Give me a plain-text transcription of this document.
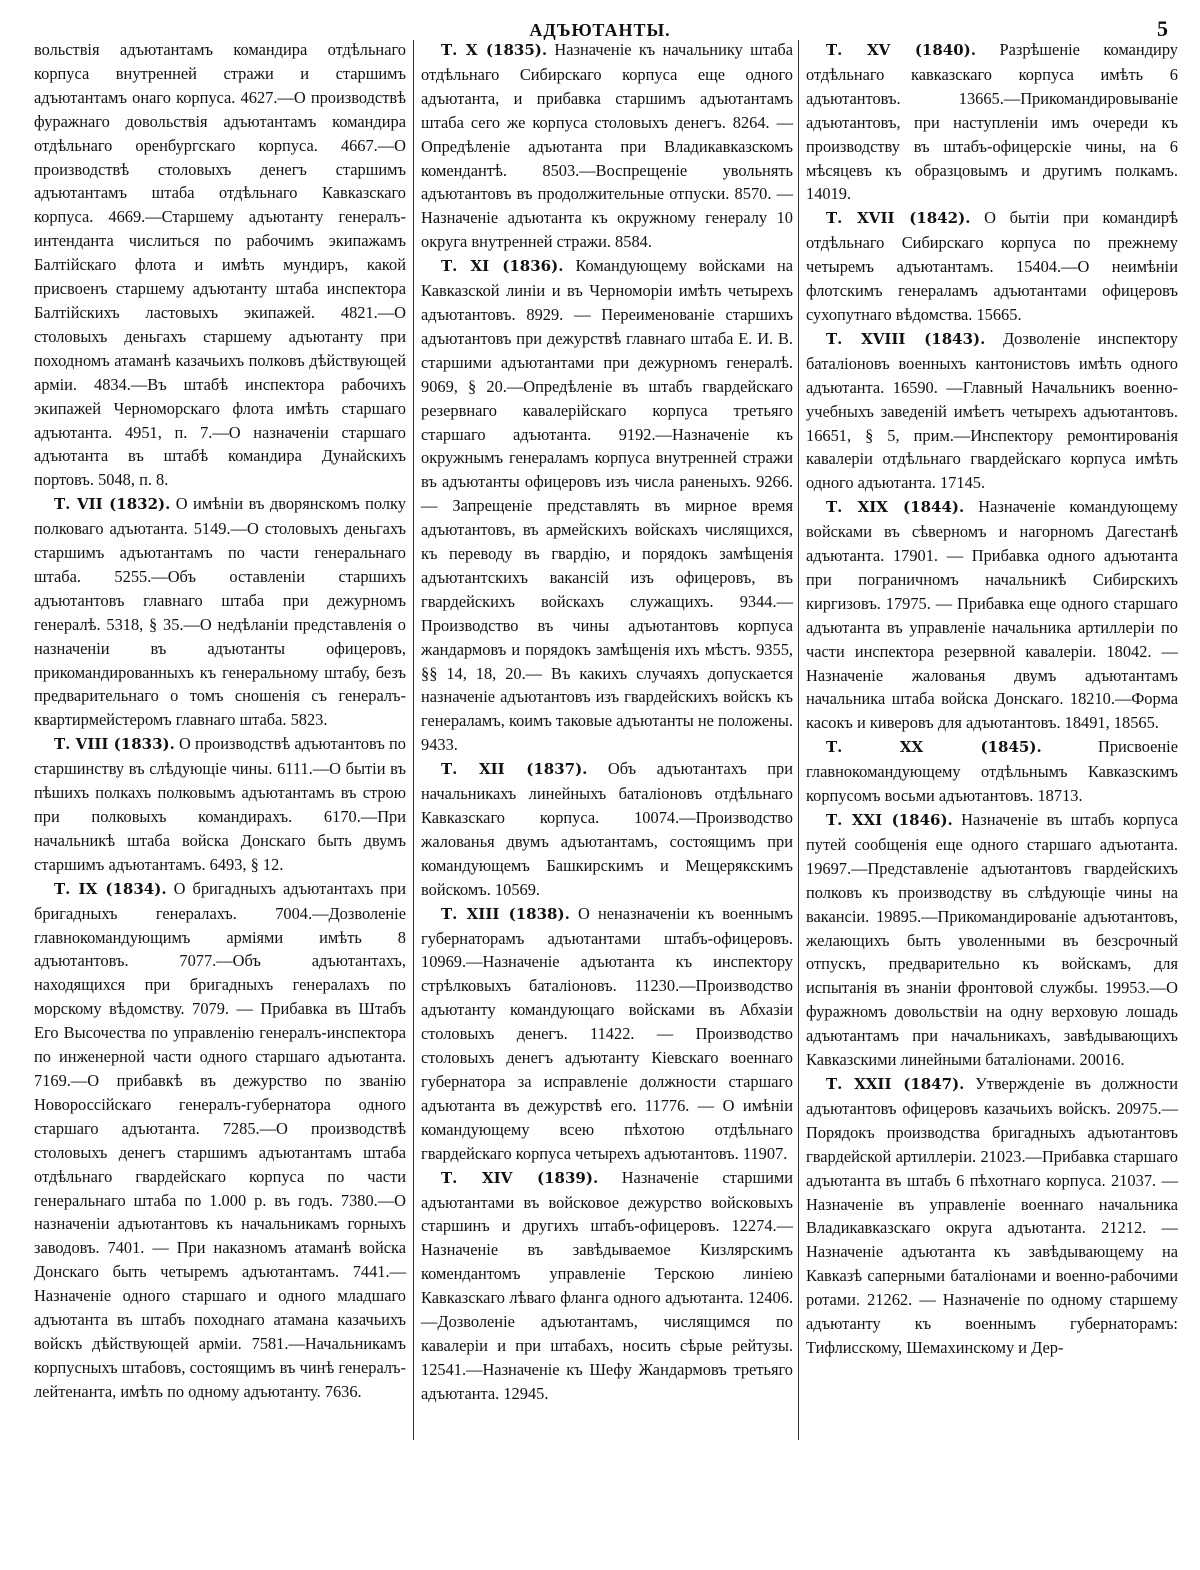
АДЪЮТАНТЫ.	5

вольствія адъютантамъ командира отдѣльнаго корпуса внутренней стражи и старшимъ адъютантамъ онаго корпуса. 4627.—О производствѣ фуражнаго довольствія адъютантамъ командира отдѣльнаго оренбургскаго корпуса. 4667.—О производствѣ столовыхъ денегъ старшимъ адъютантамъ штаба отдѣльнаго Кавказскаго корпуса. 4669.—Старшему адъютанту генералъ-интенданта числиться по рабочимъ экипажамъ Балтійскаго флота и имѣть мундиръ, какой присвоенъ старшему адъютанту штаба инспектора Балтійскихъ ластовыхъ экипажей. 4821.—О столовыхъ деньгахъ старшему адъютанту при походномъ атаманѣ казачьихъ полковъ дѣйствующей арміи. 4834.—Въ штабѣ инспектора рабочихъ экипажей Черноморскаго флота имѣть старшаго адъютанта. 4951, п. 7.—О назначеніи старшаго адъютанта въ штабѣ командира Дунайскихъ портовъ. 5048, п. 8.

Т. VII (1832). О имѣніи въ дворянскомъ полку полковаго адъютанта. 5149.—О столовыхъ деньгахъ старшимъ адъютантамъ по части генеральнаго штаба. 5255.—Объ оставленіи старшихъ адъютантовъ главнаго штаба при дежурномъ генералѣ. 5318, § 35.—О недѣланіи представленія о назначеніи въ адъютанты офицеровъ, прикомандированныхъ къ генеральному штабу, безъ предварительнаго о томъ сношенія съ генералъ-квартирмейстеромъ главнаго штаба. 5823.

Т. VIII (1833). О производствѣ адъютантовъ по старшинству въ слѣдующіе чины. 6111.—О бытіи въ пѣшихъ полкахъ полковымъ адъютантамъ въ строю при полковыхъ командирахъ. 6170.—При начальникѣ штаба войска Донскаго быть двумъ старшимъ адъютантамъ. 6493, § 12.

Т. IX (1834). О бригадныхъ адъютантахъ при бригадныхъ генералахъ. 7004.—Дозволеніе главнокомандующимъ арміями имѣть 8 адъютантовъ. 7077.—Объ адъютантахъ, находящихся при бригадныхъ генералахъ по морскому вѣдомству. 7079. — Прибавка въ Штабъ Его Высочества по управленію генералъ-инспектора по инженерной части одного старшаго адъютанта. 7169.—О прибавкѣ въ дежурство по званію Новороссійскаго генералъ-губернатора одного старшаго адъютанта. 7285.—О производствѣ столовыхъ денегъ старшимъ адъютантамъ штаба отдѣльнаго гвардейскаго корпуса по части генеральнаго штаба по 1.000 р. въ годъ. 7380.—О назначеніи адъютантовъ къ начальникамъ горныхъ заводовъ. 7401. — При наказномъ атаманѣ войска Донскаго быть четыремъ адъютантамъ. 7441.—Назначеніе одного старшаго и одного младшаго адъютанта въ штабъ походнаго атамана казачьихъ войскъ дѣйствующей арміи. 7581.—Начальникамъ корпусныхъ штабовъ, состоящимъ въ чинѣ генералъ-лейтенанта, имѣть по одному адъютанту. 7636.

Т. X (1835). Назначеніе къ начальнику штаба отдѣльнаго Сибирскаго корпуса еще одного адъютанта, и прибавка старшимъ адъютантамъ штаба сего же корпуса столовыхъ денегъ. 8264. — Опредѣленіе адъютанта при Владикавказскомъ комендантѣ. 8503.—Воспрещеніе увольнять адъютантовъ въ продолжительные отпуски. 8570. — Назначеніе адъютанта къ окружному генералу 10 округа внутренней стражи. 8584.

Т. XI (1836). Командующему войсками на Кавказской линіи и въ Черноморіи имѣть четырехъ адъютантовъ. 8929. — Переименованіе старшихъ адъютантовъ при дежурствѣ главнаго штаба Е. И. В. старшими адъютантами при дежурномъ генералѣ. 9069, § 20.—Опредѣленіе въ штабъ гвардейскаго резервнаго кавалерійскаго корпуса третьяго старшаго адъютанта. 9192.—Назначеніе къ окружнымъ генераламъ корпуса внутренней стражи въ адъютанты офицеровъ изъ числа раненыхъ. 9266. — Запрещеніе представлять въ мирное время адъютантовъ, въ армейскихъ войскахъ числящихся, къ переводу въ гвардію, и порядокъ замѣщенія адъютантскихъ вакансій изъ офицеровъ, въ гвардейскихъ войскахъ служащихъ. 9344.—Производство въ чины адъютантовъ корпуса жандармовъ и порядокъ замѣщенія ихъ мѣстъ. 9355, §§ 14, 18, 20.— Въ какихъ случаяхъ допускается назначеніе адъютантовъ изъ гвардейскихъ войскъ къ генераламъ, коимъ таковые адъютанты не положены. 9433.

Т. XII (1837). Объ адъютантахъ при начальникахъ линейныхъ баталіоновъ отдѣльнаго Кавказскаго корпуса. 10074.—Производство жалованья двумъ адъютантамъ, состоящимъ при командующемъ Башкирскимъ и Мещерякскимъ войскомъ. 10569.

Т. XIII (1838). О неназначеніи къ военнымъ губернаторамъ адъютантами штабъ-офицеровъ. 10969.—Назначеніе адъютанта къ инспектору стрѣлковыхъ баталіоновъ. 11230.—Производство адъютанту командующаго войсками въ Абхазіи столовыхъ денегъ. 11422. — Производство столовыхъ денегъ адъютанту Кіевскаго военнаго губернатора за исправленіе должности старшаго адъютанта въ дежурствѣ его. 11776. — О имѣніи командующему всею пѣхотою отдѣльнаго гвардейскаго корпуса четырехъ адъютантовъ. 11907.

Т. XIV (1839). Назначеніе старшими адъютантами въ войсковое дежурство войсковыхъ старшинъ и другихъ штабъ-офицеровъ. 12274.—Назначеніе въ завѣдываемое Кизлярскимъ комендантомъ управленіе Терскою линіею Кавказскаго лѣваго фланга одного адъютанта. 12406.—Дозволеніе адъютантамъ, числящимся по кавалеріи и при штабахъ, носить сѣрые рейтузы. 12541.—Назначеніе къ Шефу Жандармовъ третьяго адъютанта. 12945.

Т. XV (1840). Разрѣшеніе командиру отдѣльнаго кавказскаго корпуса имѣть 6 адъютантовъ. 13665.—Прикомандировываніе адъютантовъ, при наступленіи имъ очереди къ производству въ штабъ-офицерскіе чины, на 6 мѣсяцевъ къ образцовымъ и другимъ полкамъ. 14019.

Т. XVII (1842). О бытіи при командирѣ отдѣльнаго Сибирскаго корпуса по прежнему четыремъ адъютантамъ. 15404.—О неимѣніи флотскимъ генераламъ адъютантами офицеровъ сухопутнаго вѣдомства. 15665.

Т. XVIII (1843). Дозволеніе инспектору баталіоновъ военныхъ кантонистовъ имѣть одного адъютанта. 16590. —Главный Начальникъ военно-учебныхъ заведеній имѣетъ четырехъ адъютантовъ. 16651, § 5, прим.—Инспектору ремонтированія кавалеріи отдѣльнаго гвардейскаго корпуса имѣть одного адъютанта. 17145.

Т. XIX (1844). Назначеніе командующему войсками въ сѣверномъ и нагорномъ Дагестанѣ адъютанта. 17901. — Прибавка одного адъютанта при пограничномъ начальникѣ Сибирскихъ киргизовъ. 17975. — Прибавка еще одного старшаго адъютанта въ управленіе начальника артиллеріи по части инспектора резервной кавалеріи. 18042. — Назначеніе жалованья двумъ адъютантамъ начальника штаба войска Донскаго. 18210.—Форма касокъ и киверовъ для адъютантовъ. 18491, 18565.

Т. XX (1845).	Присвоеніе главнокомандующему отдѣльнымъ Кавказскимъ корпусомъ восьми адъютантовъ. 18713.

Т. XXI (1846). Назначеніе въ штабъ корпуса путей сообщенія еще одного старшаго адъютанта. 19697.—Представленіе адъютантовъ гвардейскихъ полковъ къ производству въ слѣдующіе чины на вакансіи. 19895.—Прикомандированіе адъютантовъ, желающихъ быть уволенными въ безсрочный отпускъ, предварительно къ войскамъ, для испытанія въ знаніи фронтовой службы. 19953.—О фуражномъ довольствіи на одну верховую лошадь адъютантамъ при начальникахъ, завѣдывающихъ Кавказскими линейными баталіонами. 20016.

Т. XXII (1847). Утвержденіе въ должности адъютантовъ офицеровъ казачьихъ войскъ. 20975.—Порядокъ производства бригадныхъ адъютантовъ гвардейской артиллеріи. 21023.—Прибавка старшаго адъютанта въ штабъ 6 пѣхотнаго корпуса. 21037. — Назначеніе въ управленіе военнаго начальника Владикавказскаго округа адъютанта. 21212. — Назначеніе адъютанта къ завѣдывающему на Кавказѣ саперными баталіонами и военно-рабочими ротами. 21262. — Назначеніе по одному старшему адъютанту къ военнымъ губернаторамъ: Тифлисскому, Шемахинскому и Дер-
